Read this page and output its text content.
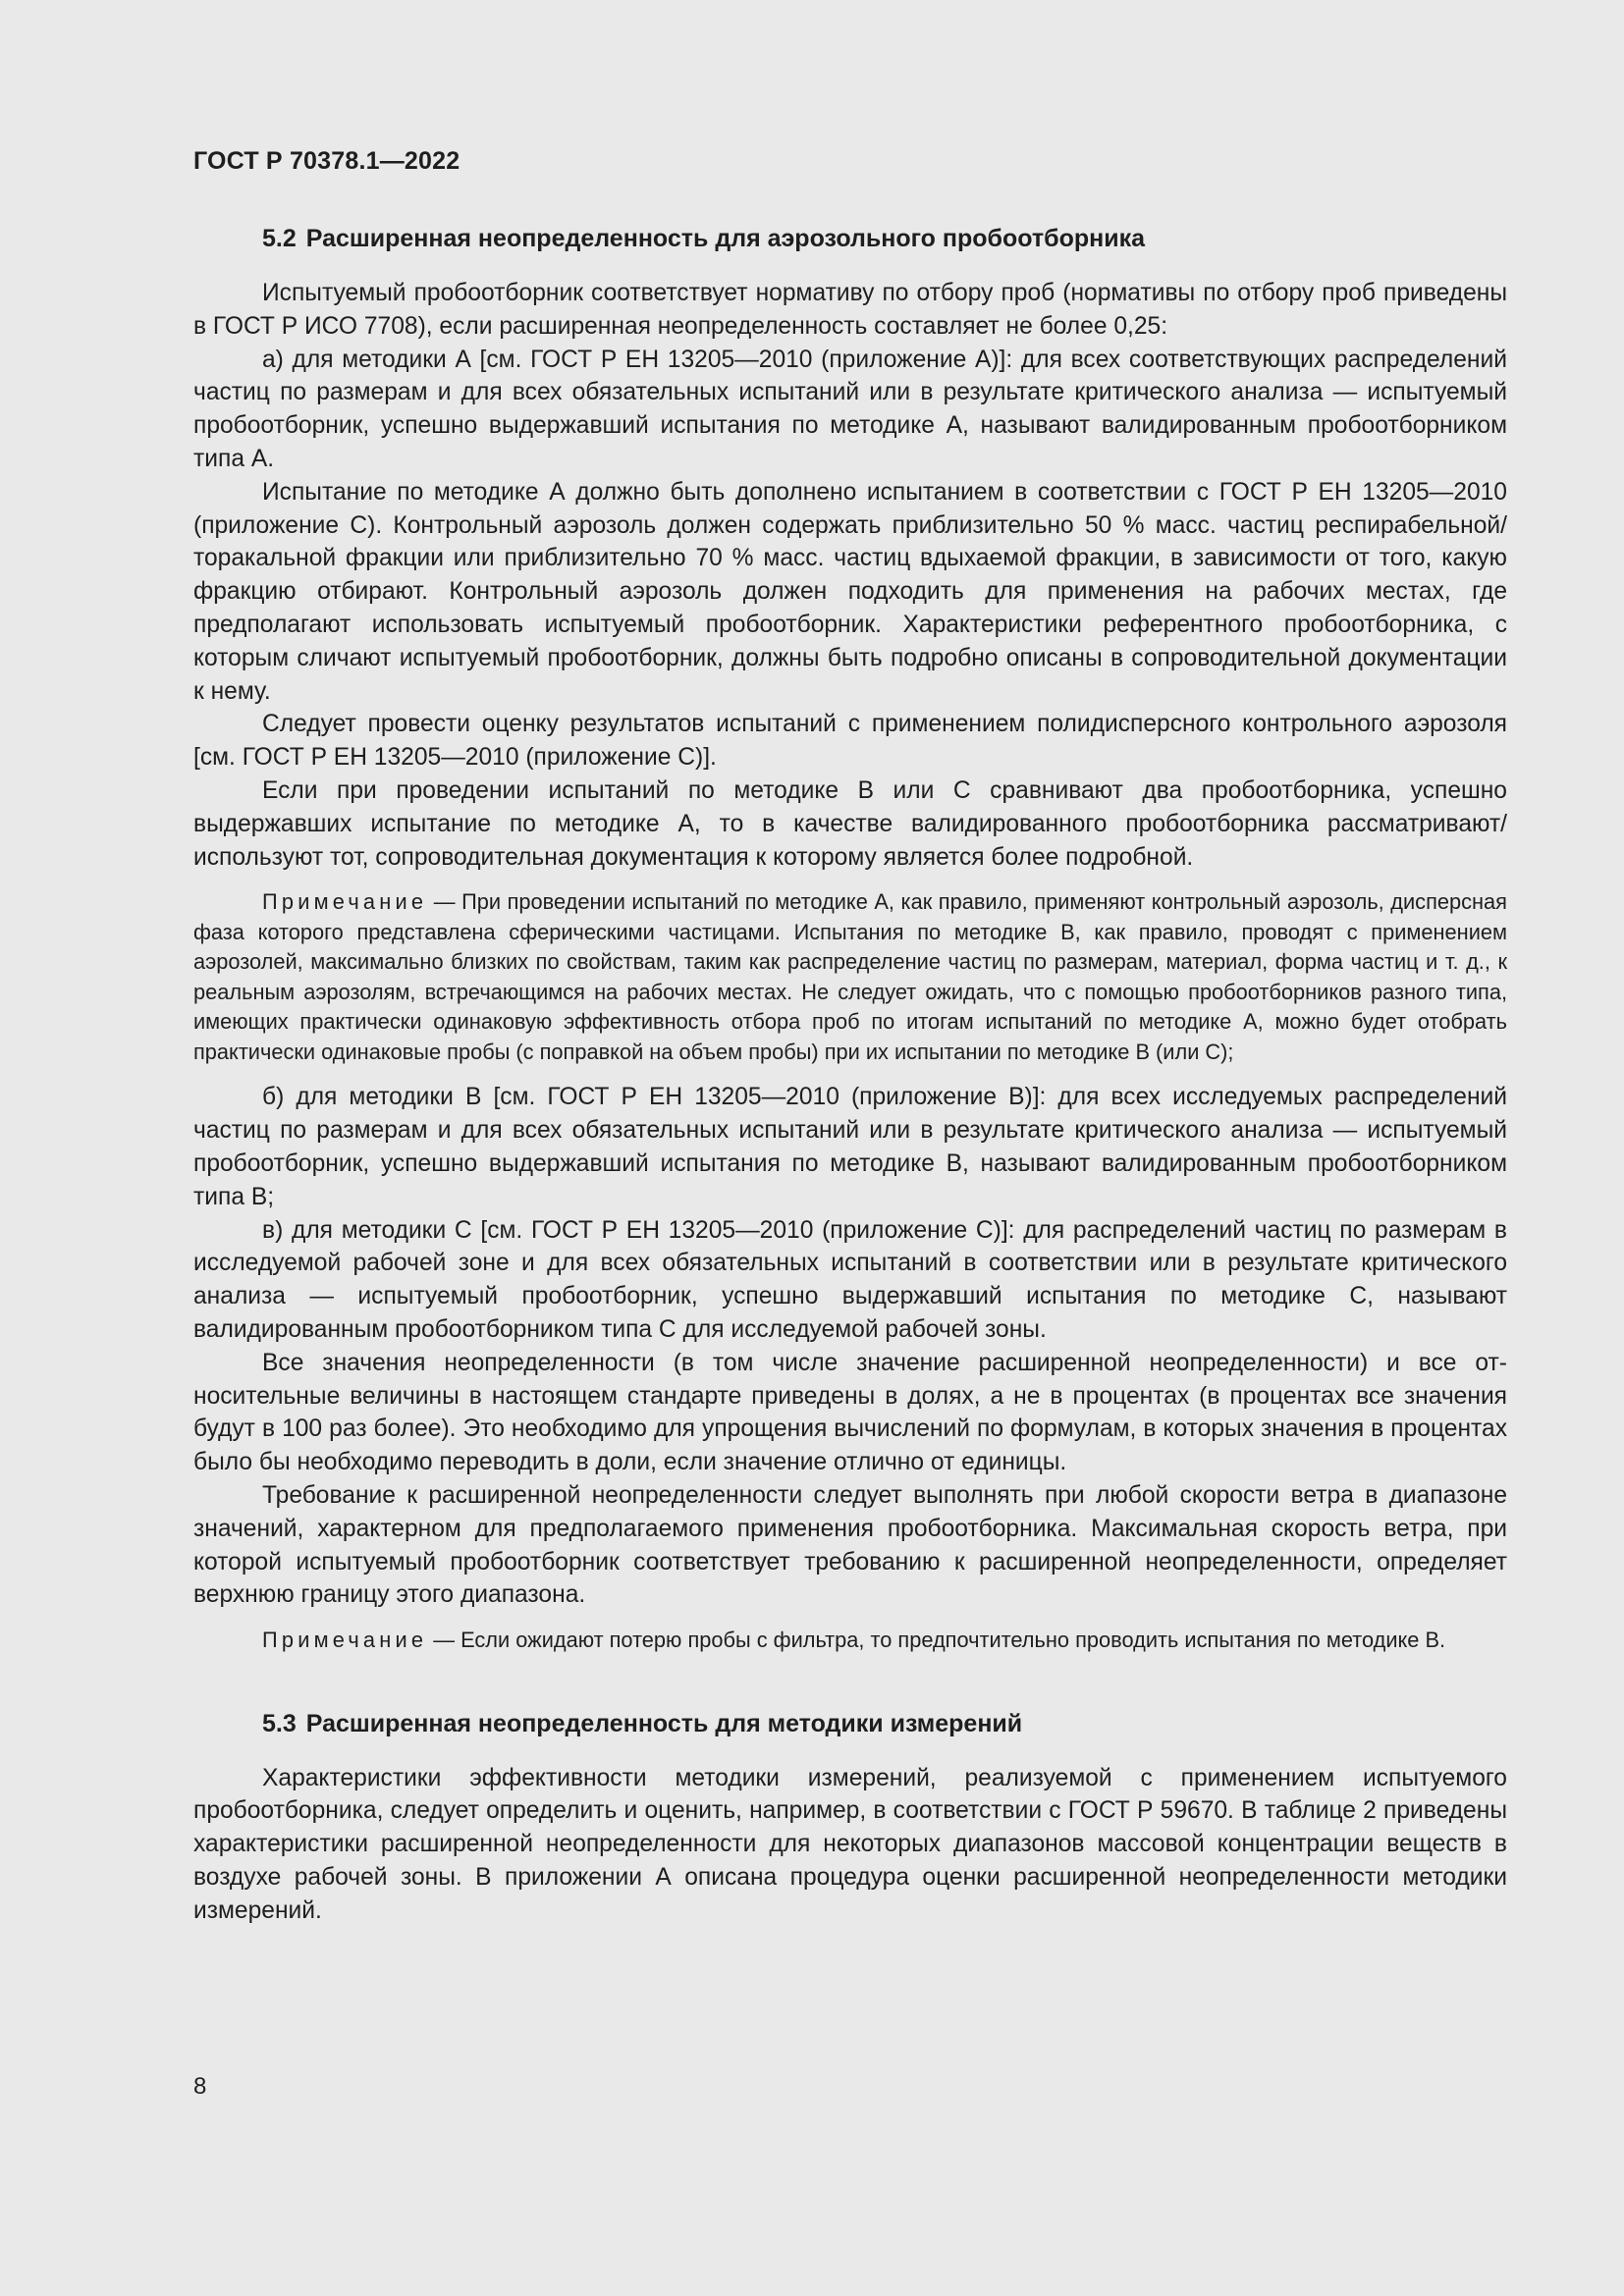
ГОСТ Р 70378.1—2022
5.2 Расширенная неопределенность для аэрозольного пробоотборника

Испытуемый пробоотборник соответствует нормативу по отбору проб (нормативы по отбору проб приведены в ГОСТ Р ИСО 7708), если расширенная неопределенность составляет не более 0,25:

а) для методики А [см. ГОСТ Р ЕН 13205—2010 (приложение А)]: для всех соответствующих распределений частиц по размерам и для всех обязательных испытаний или в результате критического анализа — испытуемый пробоотборник, успешно выдержавший испытания по методике А, называют валидированным пробоотборником типа А.

Испытание по методике А должно быть дополнено испытанием в соответствии с ГОСТ Р ЕН 13205—2010 (приложение С). Контрольный аэрозоль должен содержать приблизительно 50 % масс. частиц респирабельной/торакальной фракции или приблизительно 70 % масс. частиц вдыхаемой фракции, в зависимости от того, какую фракцию отбирают. Контрольный аэрозоль должен подходить для применения на рабочих местах, где предполагают использовать испытуемый пробоотборник. Характеристики референтного пробоотборника, с которым сличают испытуемый пробоотборник, должны быть подробно описаны в сопроводительной документации к нему.

Следует провести оценку результатов испытаний с применением полидисперсного контрольного аэрозоля [см. ГОСТ Р ЕН 13205—2010 (приложение С)].

Если при проведении испытаний по методике В или С сравнивают два пробоотборника, успешно выдержавших испытание по методике А, то в качестве валидированного пробоотборника рассматривают/используют тот, сопроводительная документация к которому является более подробной.

Примечание — При проведении испытаний по методике А, как правило, применяют контрольный аэрозоль, дисперсная фаза которого представлена сферическими частицами. Испытания по методике В, как правило, проводят с применением аэрозолей, максимально близких по свойствам, таким как распределение частиц по размерам, материал, форма частиц и т. д., к реальным аэрозолям, встречающимся на рабочих местах. Не следует ожидать, что с помощью пробоотборников разного типа, имеющих практически одинаковую эффективность отбора проб по итогам испытаний по методике А, можно будет отобрать практически одинаковые пробы (с поправкой на объем пробы) при их испытании по методике В (или С);

б) для методики В [см. ГОСТ Р ЕН 13205—2010 (приложение В)]: для всех исследуемых распределений частиц по размерам и для всех обязательных испытаний или в результате критического анализа — испытуемый пробоотборник, успешно выдержавший испытания по методике В, называют валидированным пробоотборником типа В;

в) для методики С [см. ГОСТ Р ЕН 13205—2010 (приложение С)]: для распределений частиц по размерам в исследуемой рабочей зоне и для всех обязательных испытаний в соответствии или в результате критического анализа — испытуемый пробоотборник, успешно выдержавший испытания по методике С, называют валидированным пробоотборником типа С для исследуемой рабочей зоны.

Все значения неопределенности (в том числе значение расширенной неопределенности) и все относительные величины в настоящем стандарте приведены в долях, а не в процентах (в процентах все значения будут в 100 раз более). Это необходимо для упрощения вычислений по формулам, в которых значения в процентах было бы необходимо переводить в доли, если значение отлично от единицы.

Требование к расширенной неопределенности следует выполнять при любой скорости ветра в диапазоне значений, характерном для предполагаемого применения пробоотборника. Максимальная скорость ветра, при которой испытуемый пробоотборник соответствует требованию к расширенной неопределенности, определяет верхнюю границу этого диапазона.

Примечание — Если ожидают потерю пробы с фильтра, то предпочтительно проводить испытания по методике В.

5.3 Расширенная неопределенность для методики измерений

Характеристики эффективности методики измерений, реализуемой с применением испытуемого пробоотборника, следует определить и оценить, например, в соответствии с ГОСТ Р 59670. В таблице 2 приведены характеристики расширенной неопределенности для некоторых диапазонов массовой концентрации веществ в воздухе рабочей зоны. В приложении А описана процедура оценки расширенной неопределенности методики измерений.

8
